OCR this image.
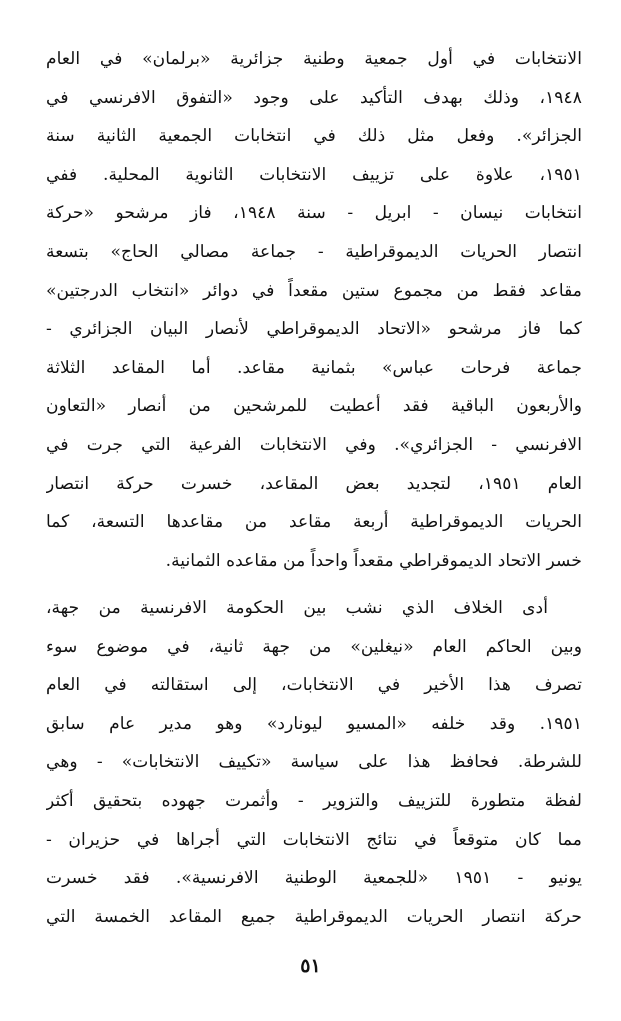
الانتخابات في أول جمعية وطنية جزائرية «برلمان» في العام
١٩٤٨، وذلك بهدف التأكيد على وجود «التفوق الافرنسي في
الجزائر». وفعل مثل ذلك في انتخابات الجمعية الثانية سنة
١٩٥١، علاوة على تزييف الانتخابات الثانوية المحلية. ففي
انتخابات نيسان - ابريل - سنة ١٩٤٨، فاز مرشحو «حركة
انتصار الحريات الديموقراطية - جماعة مصالي الحاج» بتسعة
مقاعد فقط من مجموع ستين مقعداً في دوائر «انتخاب الدرجتين»
كما فاز مرشحو «الاتحاد الديموقراطي لأنصار البيان الجزائري -
جماعة فرحات عباس» بثمانية مقاعد. أما المقاعد الثلاثة
والأربعون الباقية فقد أعطيت للمرشحين من أنصار «التعاون
الافرنسي - الجزائري». وفي الانتخابات الفرعية التي جرت في
العام ١٩٥١، لتجديد بعض المقاعد، خسرت حركة انتصار
الحريات الديموقراطية أربعة مقاعد من مقاعدها التسعة، كما
خسر الاتحاد الديموقراطي مقعداً واحداً من مقاعده الثمانية.
أدى الخلاف الذي نشب بين الحكومة الافرنسية من جهة،
وبين الحاكم العام «نيغلين» من جهة ثانية، في موضوع سوء
تصرف هذا الأخير في الانتخابات، إلى استقالته في العام
١٩٥١. وقد خلفه «المسيو ليونارد» وهو مدير عام سابق
للشرطة. فحافظ هذا على سياسة «تكييف الانتخابات» - وهي
لفظة متطورة للتزييف والتزوير - وأثمرت جهوده بتحقيق أكثر
مما كان متوقعاً في نتائج الانتخابات التي أجراها في حزيران -
يونيو - ١٩٥١ «للجمعية الوطنية الافرنسية». فقد خسرت
حركة انتصار الحريات الديموقراطية جميع المقاعد الخمسة التي
٥١
